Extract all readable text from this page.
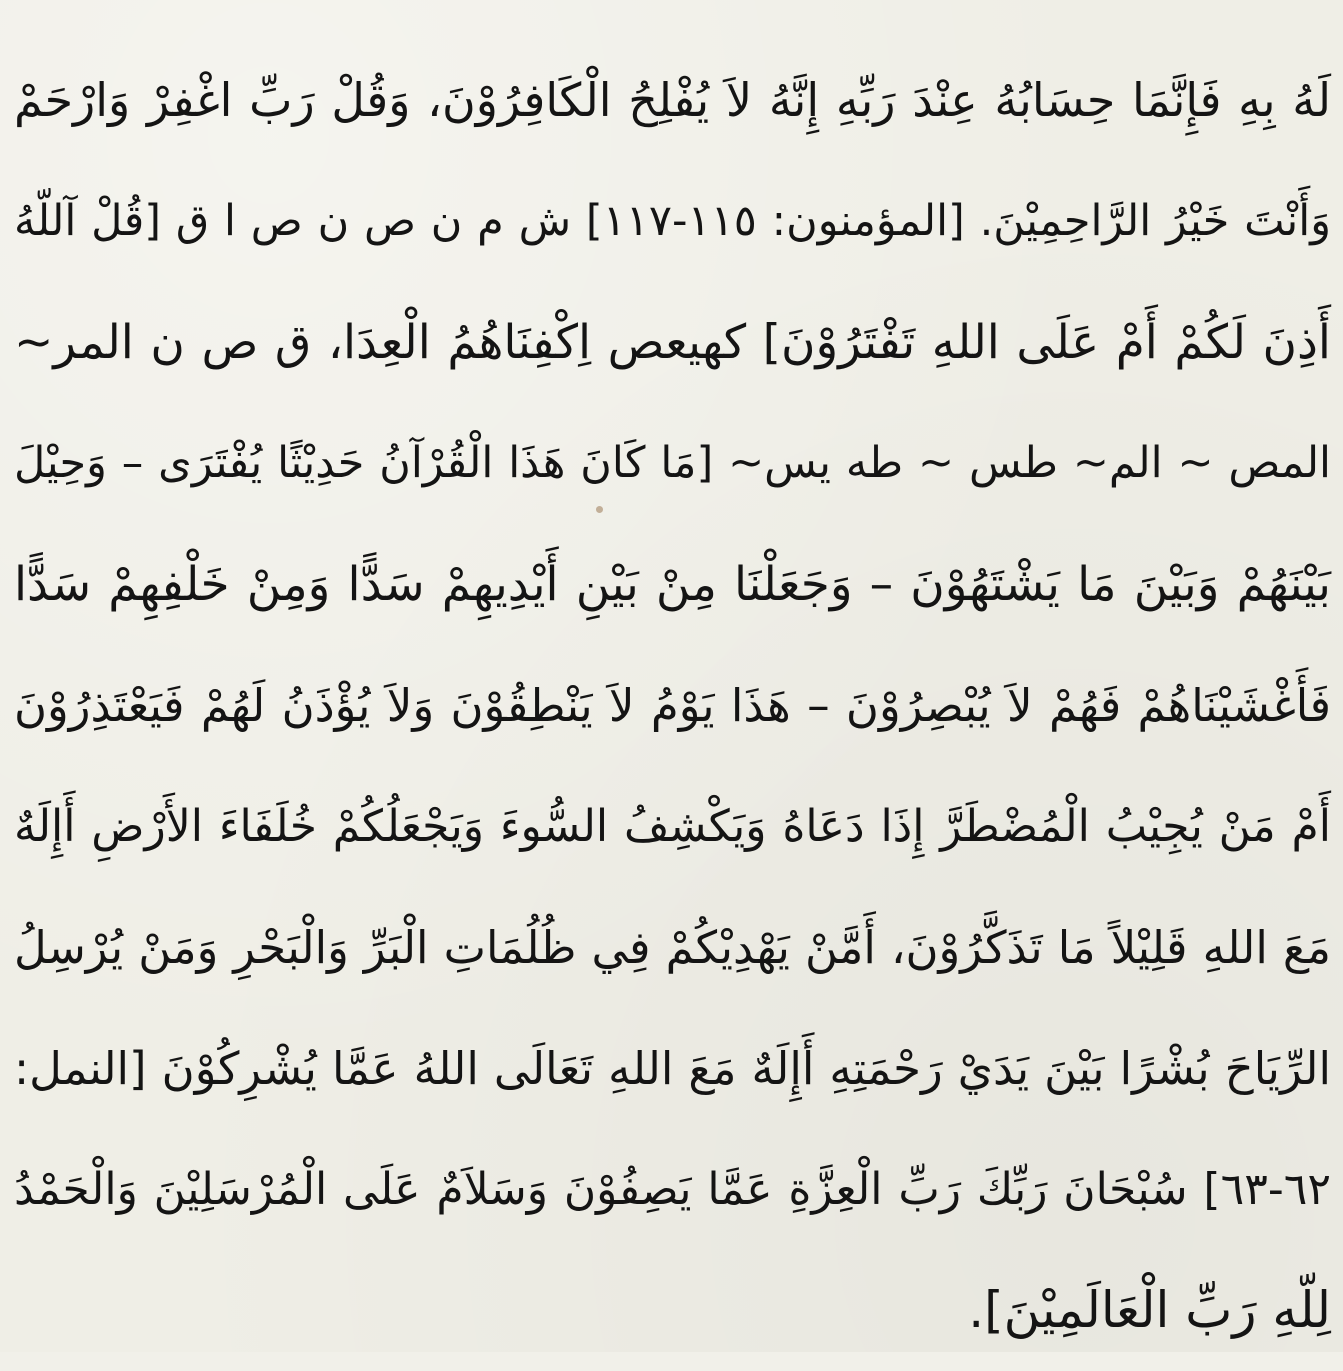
لَهُ بِهِ فَإِنَّمَا حِسَابُهُ عِنْدَ رَبِّهِ إِنَّهُ لاَ يُفْلِحُ الْكَافِرُوْنَ، وَقُلْ رَبِّ اغْفِرْ وَارْحَمْ
وَأَنْتَ خَيْرُ الرَّاحِمِيْنَ. [المؤمنون: ١١٥-١١٧] ش م ن ص ن ص ا ق [قُلْ آللّهُ
أَذِنَ لَكُمْ أَمْ عَلَى اللهِ تَفْتَرُوْنَ] كهيعص اِكْفِنَاهُمُ الْعِدَا، ق ص ن المر~
المص ~ الم~ طس ~ طه يس~ [مَا كَانَ هَذَا الْقُرْآنُ حَدِيْثًا يُفْتَرَى – وَحِيْلَ
بَيْنَهُمْ وَبَيْنَ مَا يَشْتَهُوْنَ – وَجَعَلْنَا مِنْ بَيْنِ أَيْدِيهِمْ سَدًّا وَمِنْ خَلْفِهِمْ سَدًّا
فَأَغْشَيْنَاهُمْ فَهُمْ لاَ يُبْصِرُوْنَ – هَذَا يَوْمُ لاَ يَنْطِقُوْنَ وَلاَ يُؤْذَنُ لَهُمْ فَيَعْتَذِرُوْنَ
أَمْ مَنْ يُجِيْبُ الْمُضْطَرَّ إِذَا دَعَاهُ وَيَكْشِفُ السُّوءَ وَيَجْعَلُكُمْ خُلَفَاءَ الأَرْضِ أَإِلَهٌ
مَعَ اللهِ قَلِيْلاً مَا تَذَكَّرُوْنَ، أَمَّنْ يَهْدِيْكُمْ فِي ظُلُمَاتِ الْبَرِّ وَالْبَحْرِ وَمَنْ يُرْسِلُ
الرِّيَاحَ بُشْرًا بَيْنَ يَدَيْ رَحْمَتِهِ أَإِلَهٌ مَعَ اللهِ تَعَالَى اللهُ عَمَّا يُشْرِكُوْنَ [النمل:
٦٢-٦٣] سُبْحَانَ رَبِّكَ رَبِّ الْعِزَّةِ عَمَّا يَصِفُوْنَ وَسَلاَمٌ عَلَى الْمُرْسَلِيْنَ وَالْحَمْدُ
لِلّهِ رَبِّ الْعَالَمِيْنَ].
